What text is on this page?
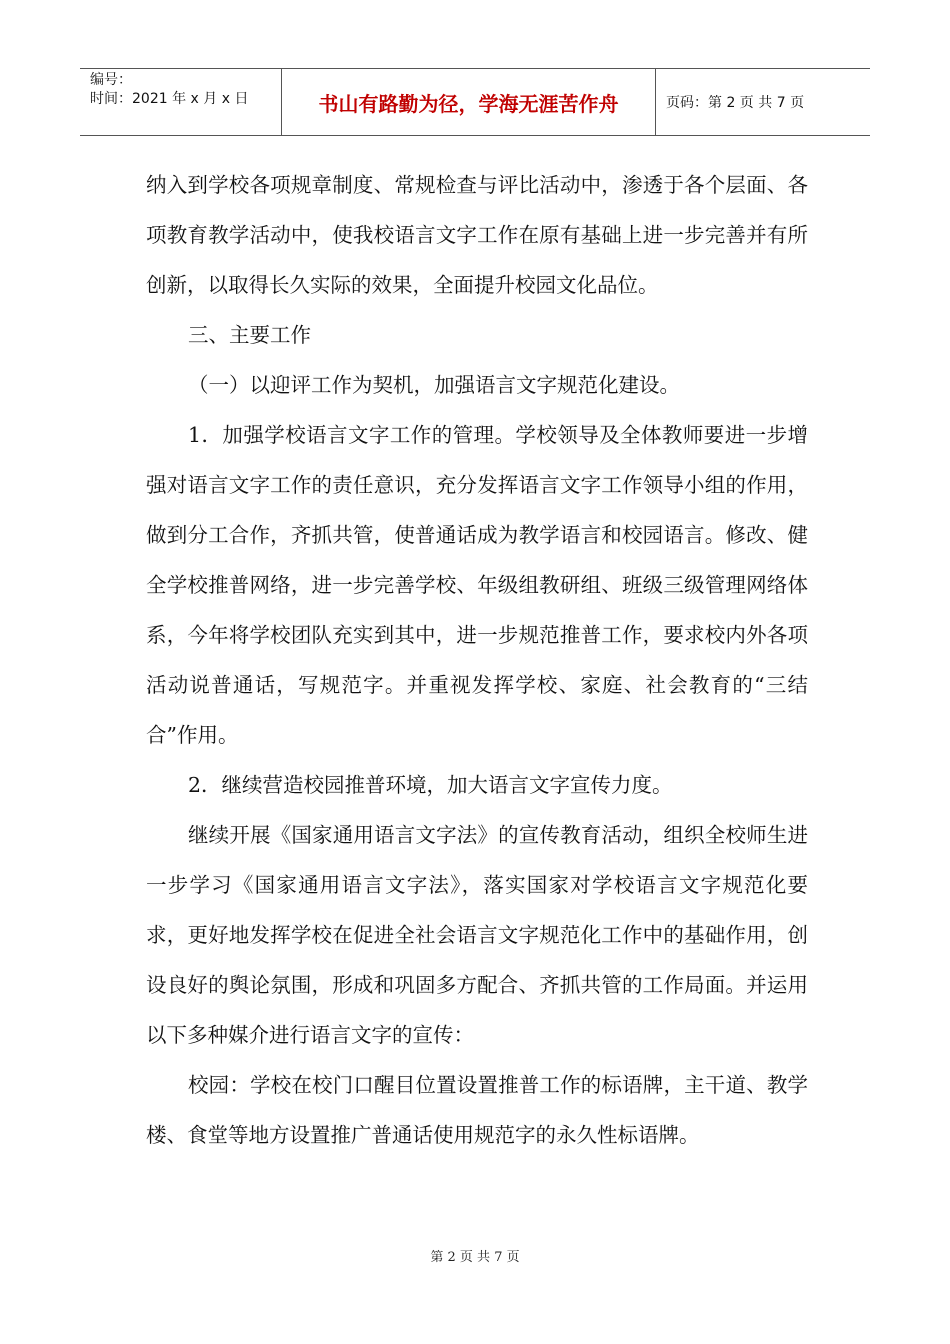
编号：
时间：2021 年 x 月 x 日	书山有路勤为径，学海无涯苦作舟	页码：第 2 页 共 7 页

纳入到学校各项规章制度、常规检查与评比活动中，渗透于各个层面、各项教育教学活动中，使我校语言文字工作在原有基础上进一步完善并有所创新，以取得长久实际的效果，全面提升校园文化品位。

三、主要工作

（一）以迎评工作为契机，加强语言文字规范化建设。

1．加强学校语言文字工作的管理。学校领导及全体教师要进一步增强对语言文字工作的责任意识，充分发挥语言文字工作领导小组的作用，做到分工合作，齐抓共管，使普通话成为教学语言和校园语言。修改、健全学校推普网络，进一步完善学校、年级组教研组、班级三级管理网络体系，今年将学校团队充实到其中，进一步规范推普工作，要求校内外各项活动说普通话，写规范字。并重视发挥学校、家庭、社会教育的“三结合”作用。

2．继续营造校园推普环境，加大语言文字宣传力度。

继续开展《国家通用语言文字法》的宣传教育活动，组织全校师生进一步学习《国家通用语言文字法》，落实国家对学校语言文字规范化要求，更好地发挥学校在促进全社会语言文字规范化工作中的基础作用，创设良好的舆论氛围，形成和巩固多方配合、齐抓共管的工作局面。并运用以下多种媒介进行语言文字的宣传：

校园：学校在校门口醒目位置设置推普工作的标语牌，主干道、教学楼、食堂等地方设置推广普通话使用规范字的永久性标语牌。

第 2 页 共 7 页
